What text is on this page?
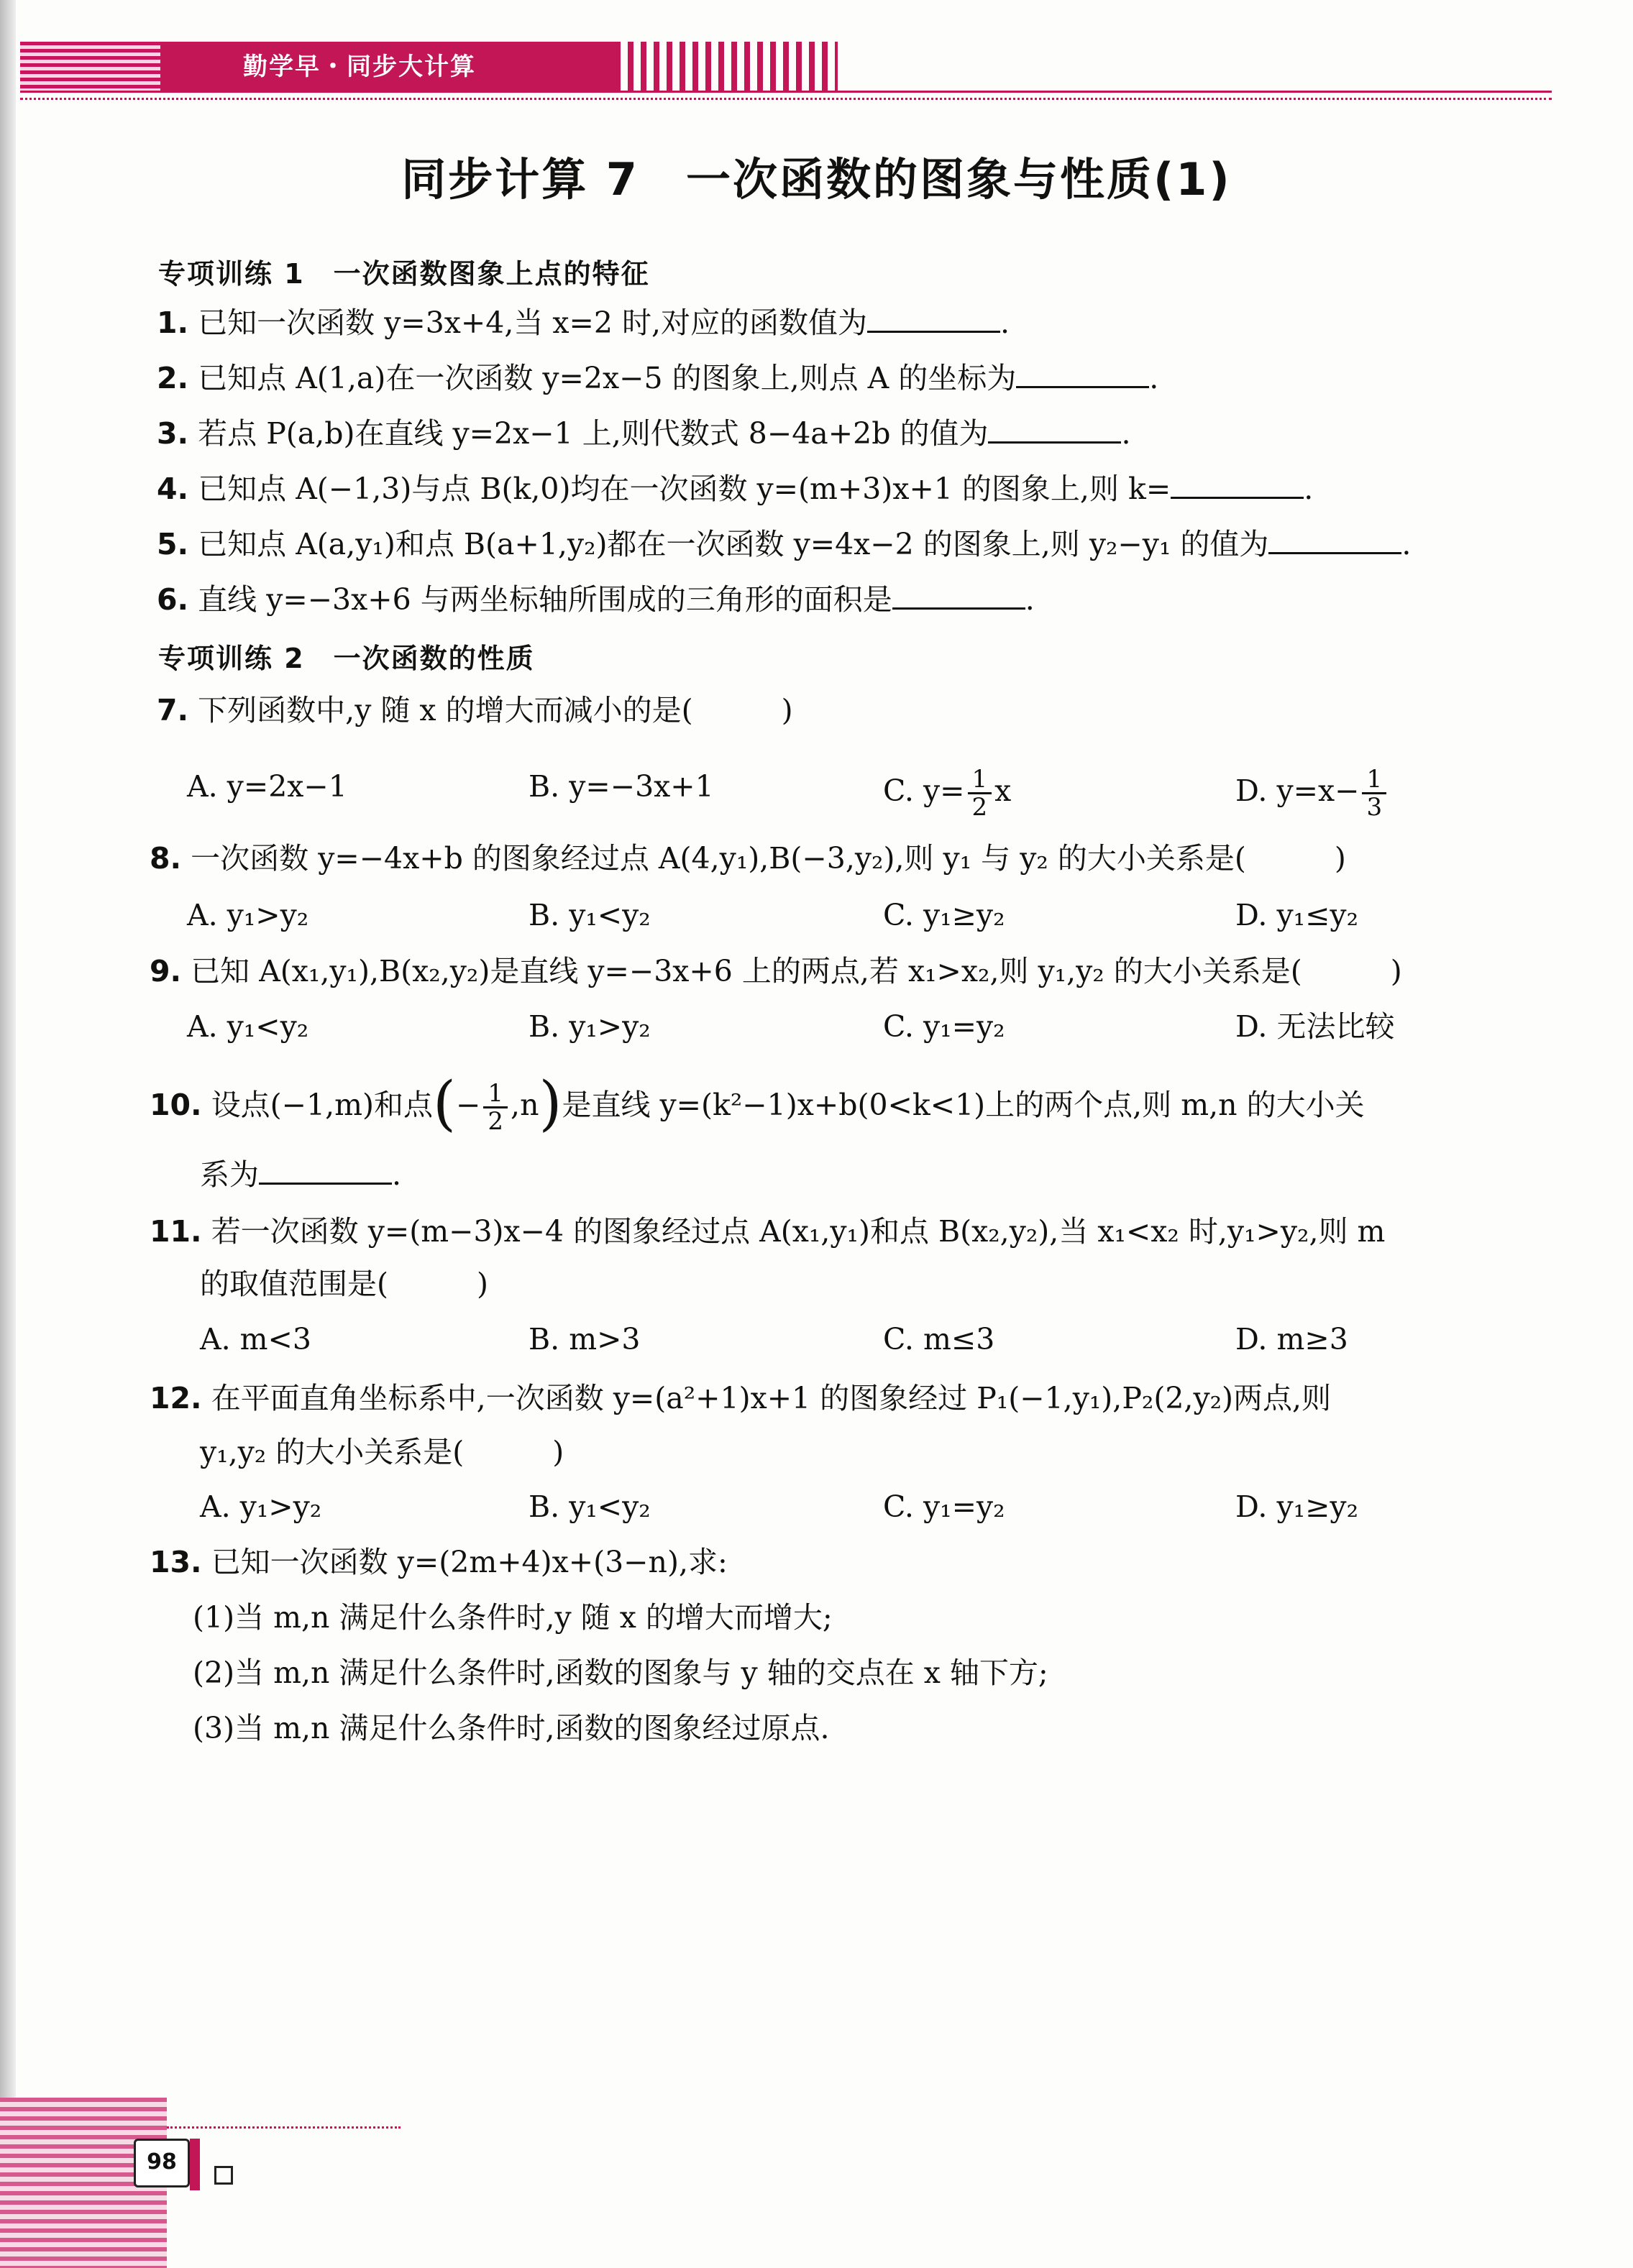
勤学早・同步大计算
同步计算 7　一次函数的图象与性质(1)
专项训练 1　一次函数图象上点的特征
1. 已知一次函数 y=3x+4,当 x=2 时,对应的函数值为	.
2. 已知点 A(1,a)在一次函数 y=2x−5 的图象上,则点 A 的坐标为	.
3. 若点 P(a,b)在直线 y=2x−1 上,则代数式 8−4a+2b 的值为	.
4. 已知点 A(−1,3)与点 B(k,0)均在一次函数 y=(m+3)x+1 的图象上,则 k=	.
5. 已知点 A(a,y₁)和点 B(a+1,y₂)都在一次函数 y=4x−2 的图象上,则 y₂−y₁ 的值为	.
6. 直线 y=−3x+6 与两坐标轴所围成的三角形的面积是	.
专项训练 2　一次函数的性质
7. 下列函数中,y 随 x 的增大而减小的是(　　　)
A. y=2x−1	B. y=−3x+1	C. $y= \frac{1}{2}$ x	D. $y=x- \frac{1}{3}$
8. 一次函数 y=−4x+b 的图象经过点 A(4,y₁),B(−3,y₂),则 y₁ 与 y₂ 的大小关系是(　　　)
A. y₁>y₂	B. y₁<y₂	C. y₁≥y₂	D. y₁≤y₂
9. 已知 A(x₁,y₁),B(x₂,y₂)是直线 y=−3x+6 上的两点,若 x₁>x₂,则 y₁,y₂ 的大小关系是(　　　)
A. y₁<y₂	B. y₁>y₂	C. y₁=y₂	D. 无法比较
10. 设点(−1,m)和点(− $\frac{1}{2} ,n$)是直线 y=(k²−1)x+b(0<k<1)上的两个点,则 m,n 的大小关
系为	.
11. 若一次函数 y=(m−3)x−4 的图象经过点 A(x₁,y₁)和点 B(x₂,y₂),当 x₁<x₂ 时,y₁>y₂,则 m
的取值范围是(　　　)
A. m<3	B. m>3	C. m≤3	D. m≥3
12. 在平面直角坐标系中,一次函数 y=(a²+1)x+1 的图象经过 P₁(−1,y₁),P₂(2,y₂)两点,则
y₁,y₂ 的大小关系是(　　　)
A. y₁>y₂	B. y₁<y₂	C. y₁=y₂	D. y₁≥y₂
13. 已知一次函数 y=(2m+4)x+(3−n),求:
(1)当 m,n 满足什么条件时,y 随 x 的增大而增大;
(2)当 m,n 满足什么条件时,函数的图象与 y 轴的交点在 x 轴下方;
(3)当 m,n 满足什么条件时,函数的图象经过原点.
98
